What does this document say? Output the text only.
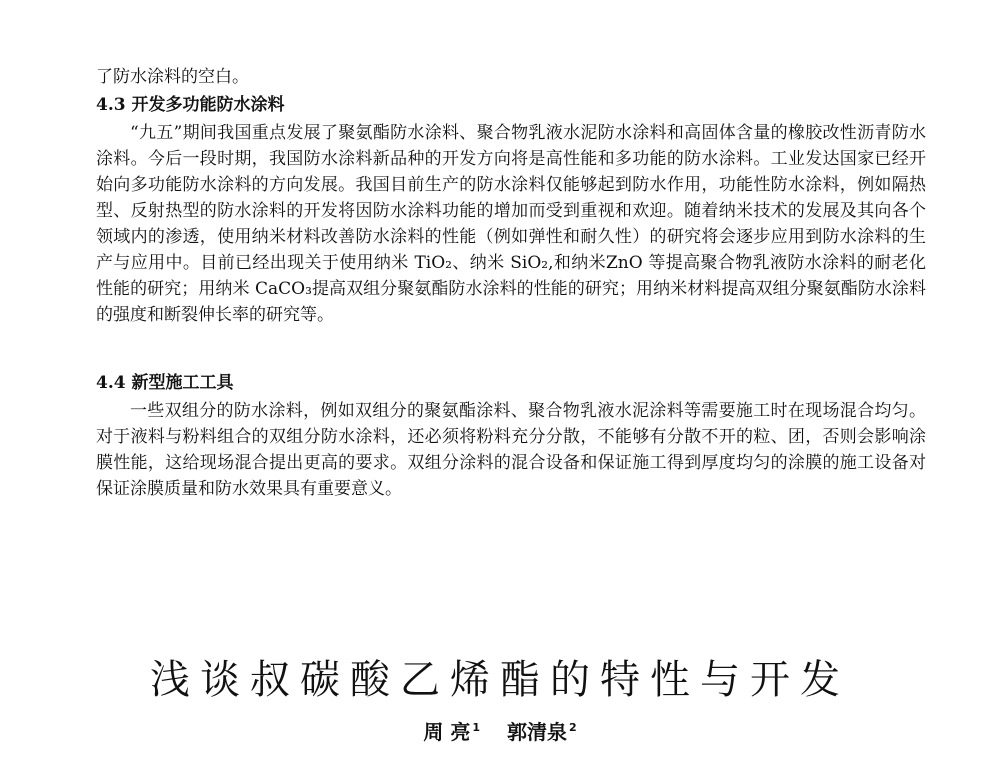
了防水涂料的空白。
4.3 开发多功能防水涂料
“九五”期间我国重点发展了聚氨酯防水涂料、聚合物乳液水泥防水涂料和高固体含量的橡胶改性沥青防水涂料。今后一段时期，我国防水涂料新品种的开发方向将是高性能和多功能的防水涂料。工业发达国家已经开始向多功能防水涂料的方向发展。我国目前生产的防水涂料仅能够起到防水作用，功能性防水涂料，例如隔热型、反射热型的防水涂料的开发将因防水涂料功能的增加而受到重视和欢迎。随着纳米技术的发展及其向各个领域内的渗透，使用纳米材料改善防水涂料的性能（例如弹性和耐久性）的研究将会逐步应用到防水涂料的生产与应用中。目前已经出现关于使用纳米 TiO₂、纳米 SiO₂,和纳米ZnO 等提高聚合物乳液防水涂料的耐老化性能的研究；用纳米 CaCO₃提高双组分聚氨酯防水涂料的性能的研究；用纳米材料提高双组分聚氨酯防水涂料的强度和断裂伸长率的研究等。
4.4 新型施工工具
一些双组分的防水涂料，例如双组分的聚氨酯涂料、聚合物乳液水泥涂料等需要施工时在现场混合均匀。对于液料与粉料组合的双组分防水涂料，还必须将粉料充分分散，不能够有分散不开的粒、团，否则会影响涂膜性能，这给现场混合提出更高的要求。双组分涂料的混合设备和保证施工得到厚度均匀的涂膜的施工设备对保证涂膜质量和防水效果具有重要意义。
浅谈叔碳酸乙烯酯的特性与开发
周 亮 $^1$ 郭清泉 $^2$
